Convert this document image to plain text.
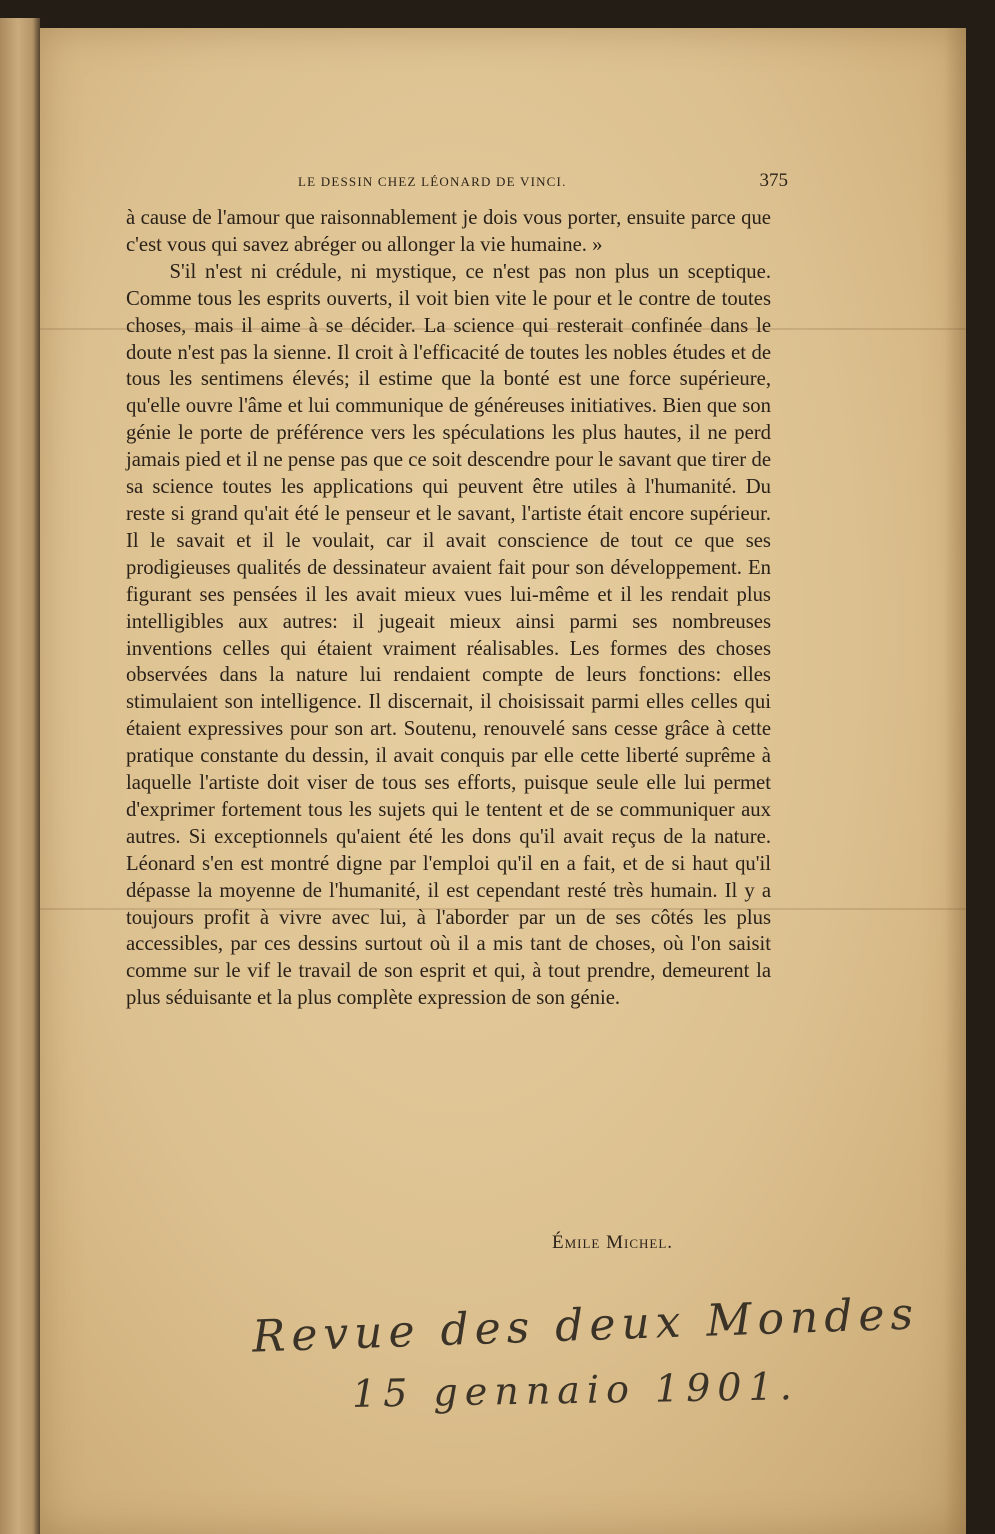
LE DESSIN CHEZ LÉONARD DE VINCI.	375

à cause de l'amour que raisonnablement je dois vous porter, ensuite parce que c'est vous qui savez abréger ou allonger la vie humaine. »

S'il n'est ni crédule, ni mystique, ce n'est pas non plus un sceptique. Comme tous les esprits ouverts, il voit bien vite le pour et le contre de toutes choses, mais il aime à se décider. La science qui resterait confinée dans le doute n'est pas la sienne. Il croit à l'efficacité de toutes les nobles études et de tous les sentimens élevés; il estime que la bonté est une force supérieure, qu'elle ouvre l'âme et lui communique de généreuses initiatives. Bien que son génie le porte de préférence vers les spéculations les plus hautes, il ne perd jamais pied et il ne pense pas que ce soit descendre pour le savant que tirer de sa science toutes les applications qui peuvent être utiles à l'humanité. Du reste si grand qu'ait été le penseur et le savant, l'artiste était encore supérieur. Il le savait et il le voulait, car il avait conscience de tout ce que ses prodigieuses qualités de dessinateur avaient fait pour son développement. En figurant ses pensées il les avait mieux vues lui-même et il les rendait plus intelligibles aux autres: il jugeait mieux ainsi parmi ses nombreuses inventions celles qui étaient vraiment réalisables. Les formes des choses observées dans la nature lui rendaient compte de leurs fonctions: elles stimulaient son intelligence. Il discernait, il choisissait parmi elles celles qui étaient expressives pour son art. Soutenu, renouvelé sans cesse grâce à cette pratique constante du dessin, il avait conquis par elle cette liberté suprême à laquelle l'artiste doit viser de tous ses efforts, puisque seule elle lui permet d'exprimer fortement tous les sujets qui le tentent et de se communiquer aux autres. Si exceptionnels qu'aient été les dons qu'il avait reçus de la nature. Léonard s'en est montré digne par l'emploi qu'il en a fait, et de si haut qu'il dépasse la moyenne de l'humanité, il est cependant resté très humain. Il y a toujours profit à vivre avec lui, à l'aborder par un de ses côtés les plus accessibles, par ces dessins surtout où il a mis tant de choses, où l'on saisit comme sur le vif le travail de son esprit et qui, à tout prendre, demeurent la plus séduisante et la plus complète expression de son génie.

Émile Michel.
Revue des deux Mondes
15 gennaio 1901.
